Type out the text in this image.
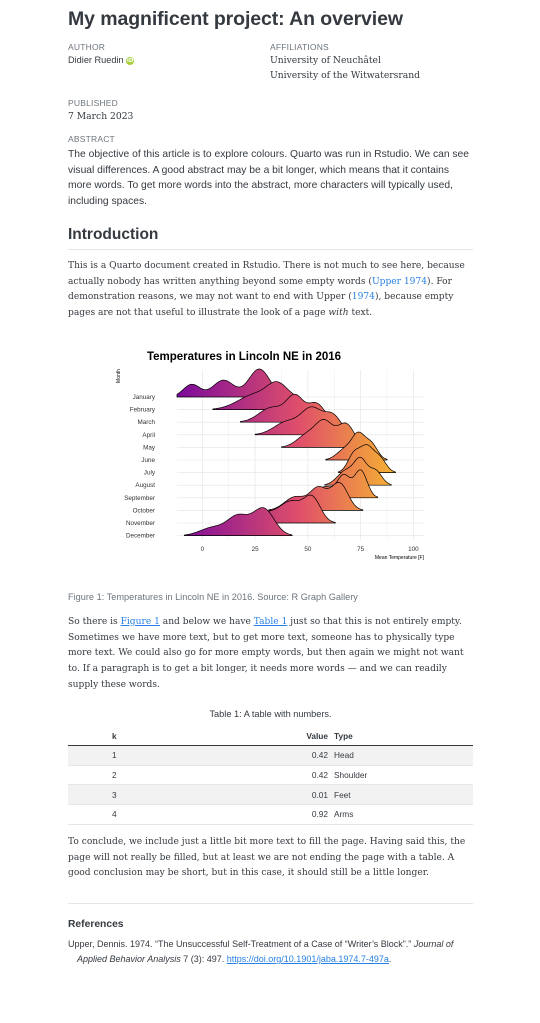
My magnificent project: An overview
AUTHOR
Didier Ruedin iD
AFFILIATIONS
University of Neuchâtel
University of the Witwatersrand
PUBLISHED
7 March 2023
ABSTRACT

The objective of this article is to explore colours. Quarto was run in Rstudio. We can see visual differences. A good abstract may be a bit longer, which means that it contains more words. To get more words into the abstract, more characters will typically used, including spaces.

Introduction

This is a Quarto document created in Rstudio. There is not much to see here, because actually nobody has written anything beyond some empty words (Upper 1974). For demonstration reasons, we may not want to end with Upper (1974), because empty pages are not that useful to illustrate the look of a page with text.

Figure 1: Temperatures in Lincoln NE in 2016. Source: R Graph Gallery

So there is Figure 1 and below we have Table 1 just so that this is not entirely empty. Sometimes we have more text, but to get more text, someone has to physically type more text. We could also go for more empty words, but then again we might not want to. If a paragraph is to get a bit longer, it needs more words — and we can readily supply these words.

Table 1: A table with numbers.
k	Value	Type
1	0.42	Head
2	0.42	Shoulder
3	0.01	Feet
4	0.92	Arms

To conclude, we include just a little bit more text to fill the page. Having said this, the page will not really be filled, but at least we are not ending the page with a table. A good conclusion may be short, but in this case, it should still be a little longer.

References

Upper, Dennis. 1974. “The Unsuccessful Self-Treatment of a Case of “Writer’s Block”.” Journal of Applied Behavior Analysis 7 (3): 497. https://doi.org/10.1901/jaba.1974.7-497a.

Temperatures in Lincoln NE in 2016
Month
January
February
March
April
May
June
July
August
September
October
November
December
0	25	50	75	100
Mean Temperature [F]
